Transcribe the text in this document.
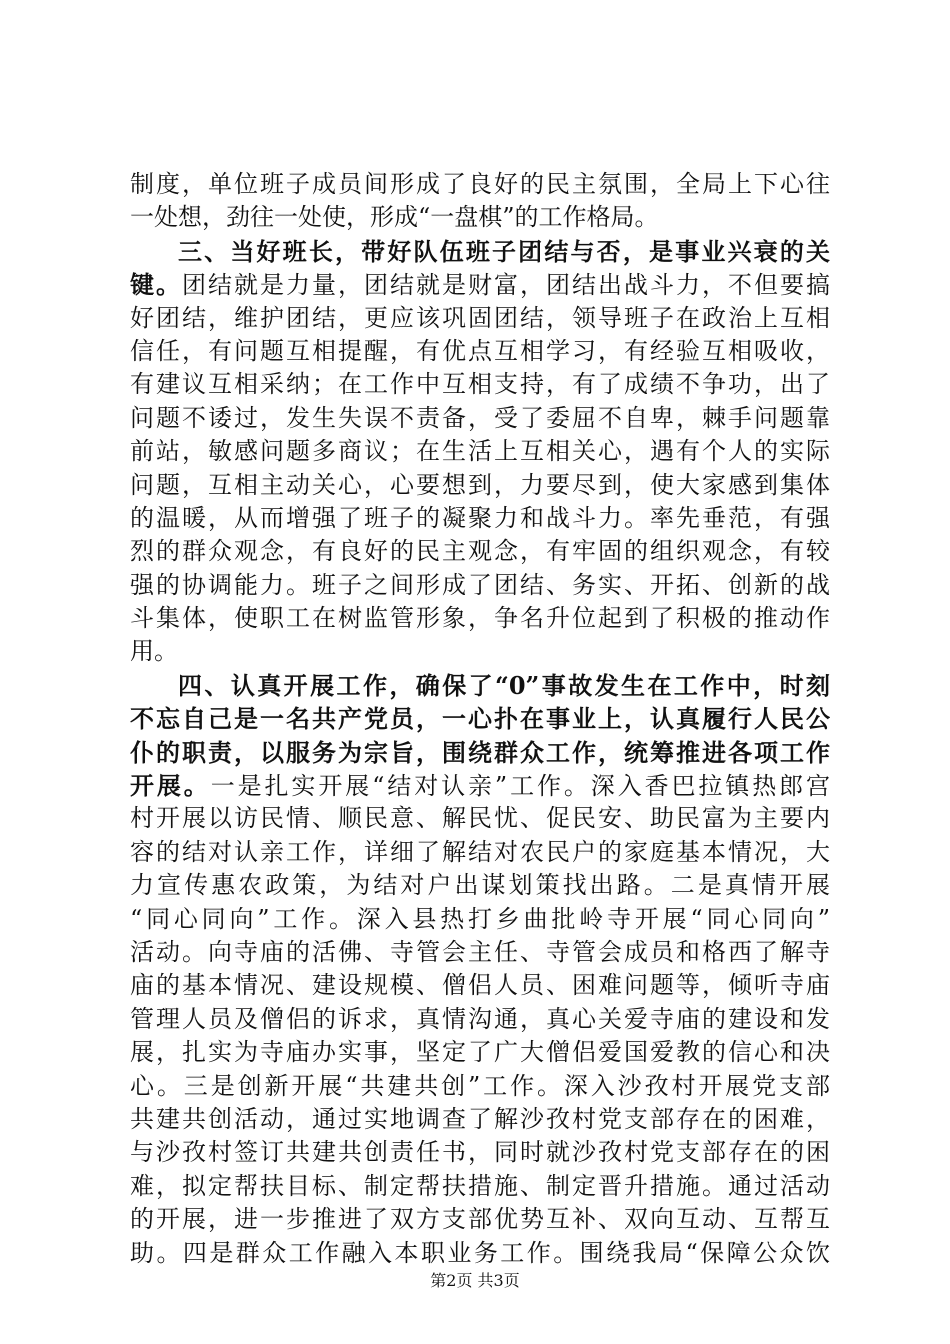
制度，单位班子成员间形成了良好的民主氛围，全局上下心往
一处想，劲往一处使，形成“一盘棋”的工作格局。
三、当好班长，带好队伍班子团结与否，是事业兴衰的关
键。团结就是力量，团结就是财富，团结出战斗力，不但要搞
好团结，维护团结，更应该巩固团结，领导班子在政治上互相
信任，有问题互相提醒，有优点互相学习，有经验互相吸收，
有建议互相采纳；在工作中互相支持，有了成绩不争功，出了
问题不诿过，发生失误不责备，受了委屈不自卑，棘手问题靠
前站，敏感问题多商议；在生活上互相关心，遇有个人的实际
问题，互相主动关心，心要想到，力要尽到，使大家感到集体
的温暖，从而增强了班子的凝聚力和战斗力。率先垂范，有强
烈的群众观念，有良好的民主观念，有牢固的组织观念，有较
强的协调能力。班子之间形成了团结、务实、开拓、创新的战
斗集体，使职工在树监管形象，争名升位起到了积极的推动作
用。
四、认真开展工作，确保了“0”事故发生在工作中，时刻
不忘自己是一名共产党员，一心扑在事业上，认真履行人民公
仆的职责，以服务为宗旨，围绕群众工作，统筹推进各项工作
开展。一是扎实开展“结对认亲”工作。深入香巴拉镇热郎宫
村开展以访民情、顺民意、解民忧、促民安、助民富为主要内
容的结对认亲工作，详细了解结对农民户的家庭基本情况，大
力宣传惠农政策，为结对户出谋划策找出路。二是真情开展
“同心同向”工作。深入县热打乡曲批岭寺开展“同心同向”
活动。向寺庙的活佛、寺管会主任、寺管会成员和格西了解寺
庙的基本情况、建设规模、僧侣人员、困难问题等，倾听寺庙
管理人员及僧侣的诉求，真情沟通，真心关爱寺庙的建设和发
展，扎实为寺庙办实事，坚定了广大僧侣爱国爱教的信心和决
心。三是创新开展“共建共创”工作。深入沙孜村开展党支部
共建共创活动，通过实地调查了解沙孜村党支部存在的困难，
与沙孜村签订共建共创责任书，同时就沙孜村党支部存在的困
难，拟定帮扶目标、制定帮扶措施、制定晋升措施。通过活动
的开展，进一步推进了双方支部优势互补、双向互动、互帮互
助。四是群众工作融入本职业务工作。围绕我局“保障公众饮
第2页 共3页
